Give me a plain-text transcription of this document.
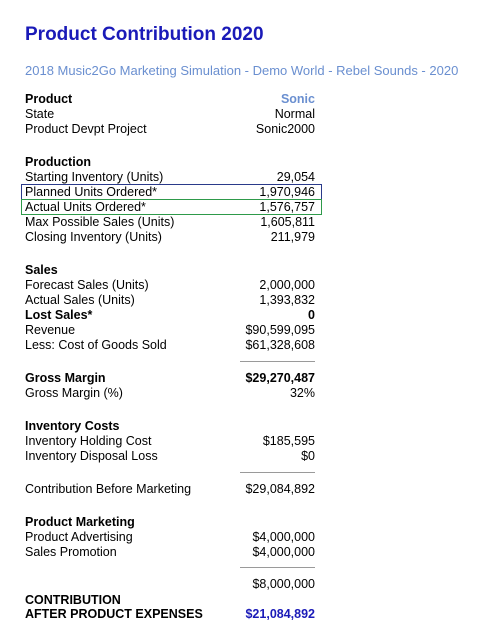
Product Contribution 2020
2018 Music2Go Marketing Simulation - Demo World - Rebel Sounds - 2020
Product	Sonic
State	Normal
Product Devpt Project	Sonic2000
Production
Starting Inventory (Units)	29,054
Planned Units Ordered*	1,970,946
Actual Units Ordered*	1,576,757
Max Possible Sales (Units)	1,605,811
Closing Inventory (Units)	211,979
Sales
Forecast Sales (Units)	2,000,000
Actual Sales (Units)	1,393,832
Lost Sales*	0
Revenue	$90,599,095
Less: Cost of Goods Sold	$61,328,608
Gross Margin	$29,270,487
Gross Margin (%)	32%
Inventory Costs
Inventory Holding Cost	$185,595
Inventory Disposal Loss	$0
Contribution Before Marketing	$29,084,892
Product Marketing
Product Advertising	$4,000,000
Sales Promotion	$4,000,000
$8,000,000
CONTRIBUTION
AFTER PRODUCT EXPENSES	$21,084,892
